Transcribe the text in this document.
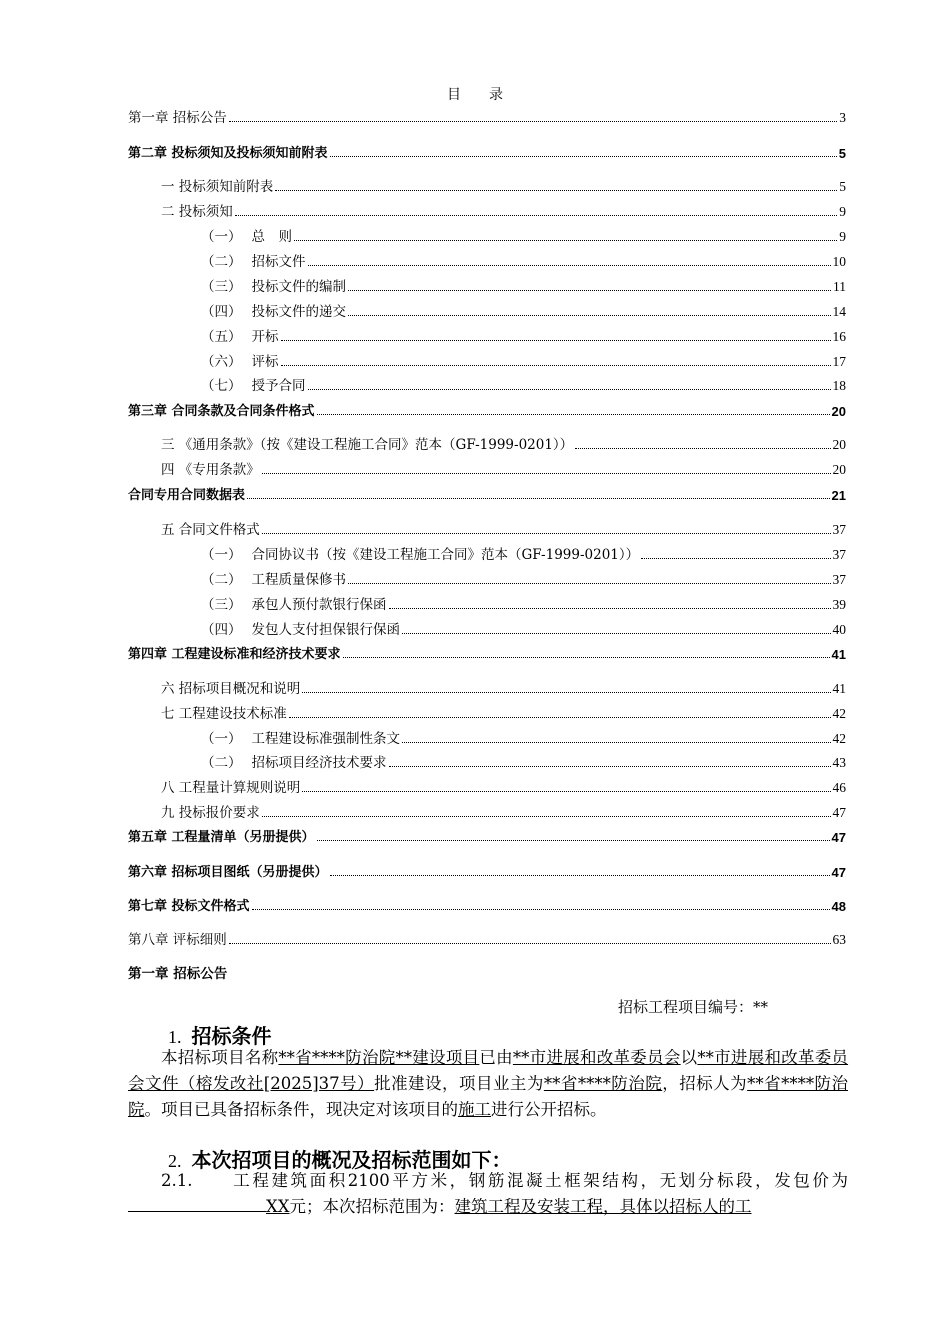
目 录
第一章 招标公告	3
第二章 投标须知及投标须知前附表	5
一 投标须知前附表	5
二 投标须知	9
（一） 总　则	9
（二） 招标文件	10
（三） 投标文件的编制	11
（四） 投标文件的递交	14
（五） 开标	16
（六） 评标	17
（七） 授予合同	18
第三章 合同条款及合同条件格式	20
三 《通用条款》（按《建设工程施工合同》范本（GF-1999-0201））	20
四 《专用条款》	20
合同专用合同数据表	21
五 合同文件格式	37
（一） 合同协议书（按《建设工程施工合同》范本（GF-1999-0201））	37
（二） 工程质量保修书	37
（三） 承包人预付款银行保函	39
（四） 发包人支付担保银行保函	40
第四章 工程建设标准和经济技术要求	41
六 招标项目概况和说明	41
七 工程建设技术标准	42
（一） 工程建设标准强制性条文	42
（二） 招标项目经济技术要求	43
八 工程量计算规则说明	46
九 投标报价要求	47
第五章 工程量清单（另册提供）	47
第六章 招标项目图纸（另册提供）	47
第七章 投标文件格式	48
第八章 评标细则	63
第一章 招标公告
招标工程项目编号：**
1. 招标条件
本招标项目名称**省****防治院**建设项目已由**市进展和改革委员会以**市进展和改革委员会文件（榕发改社[2025]37号）批准建设，项目业主为**省****防治院，招标人为**省****防治院。项目已具备招标条件，现决定对该项目的施工进行公开招标。
2. 本次招项目的概况及招标范围如下：
2.1.　　工程建筑面积2100平方米，钢筋混凝土框架结构，无划分标段，发包价为XX元；本次招标范围为：建筑工程及安装工程，具体以招标人的工
